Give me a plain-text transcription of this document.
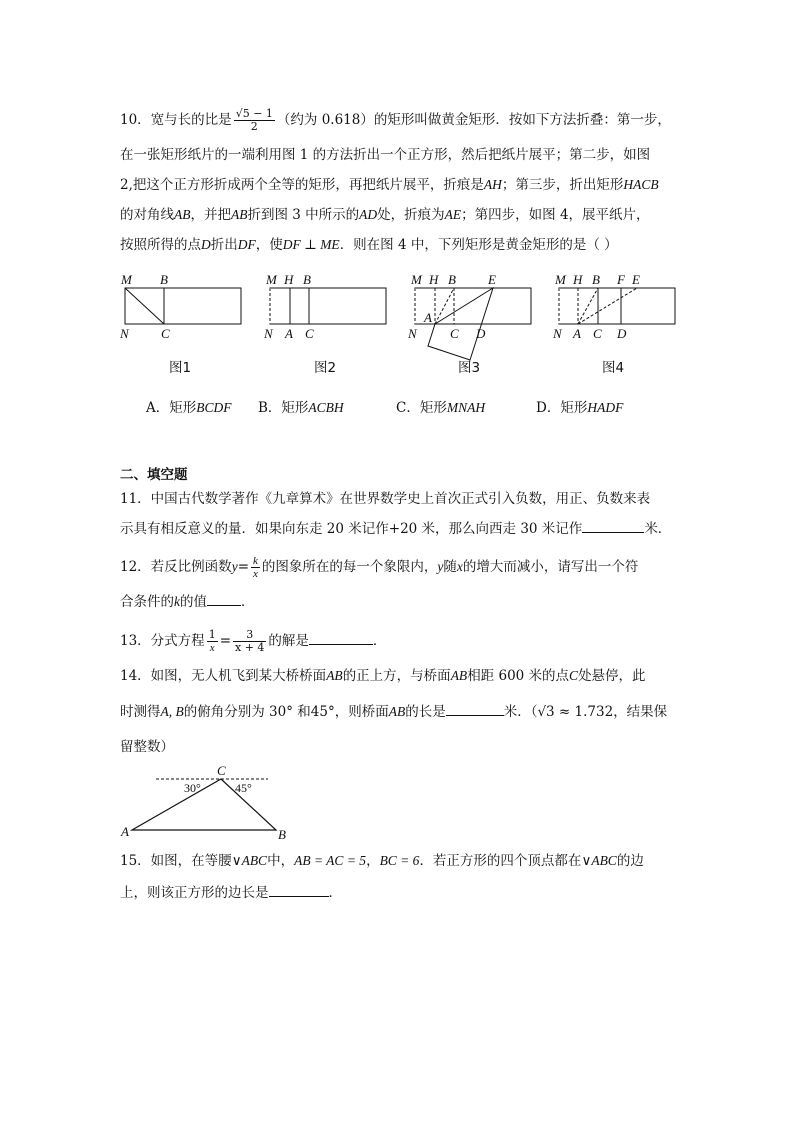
10．宽与长的比是 $\frac{√5 - 1}{2}$ （约为 0.618）的矩形叫做黄金矩形．按如下方法折叠：第一步，
在一张矩形纸片的一端利用图 1 的方法折出一个正方形，然后把纸片展平；第二步，如图
2,把这个正方形折成两个全等的矩形，再把纸片展平，折痕是AH；第三步，折出矩形HACB
的对角线AB，并把AB折到图 3 中所示的AD处，折痕为AE；第四步，如图 4，展平纸片，
按照所得的点D折出DF，使DF ⊥ ME．则在图 4 中，下列矩形是黄金矩形的是（ ）
M B
N C
M H B
N A C
M H B E
A
N	C D
M H B F E
N A C D
图1	图2	图3	图4
A．矩形BCDF B．矩形ACBH	C．矩形MNAH	D．矩形HADF
二、填空题
11．中国古代数学著作《九章算术》在世界数学史上首次正式引入负数，用正、负数来表
示具有相反意义的量．如果向东走 20 米记作+20 米，那么向西走 30 米记作	米．
12．若反比例函数$y= \frac{k}{x}$ 的图象所在的每一个象限内，y随x的增大而减小，请写出一个符
合条件的k的值	．
13．分式方程 $\frac{1}{x} = \frac{3}{x + 4}$ 的解是	．
14．如图，无人机飞到某大桥桥面AB的正上方，与桥面AB相距 600 米的点C处悬停，此
时测得A, B的俯角分别为 30° 和45°，则桥面AB的长是	米．（√3 ≈ 1.732，结果保
留整数）
C
A	B
30°	45°
15．如图，在等腰∨ABC中，AB = AC = 5，BC = 6．若正方形的四个顶点都在∨ABC的边
上，则该正方形的边长是	．
